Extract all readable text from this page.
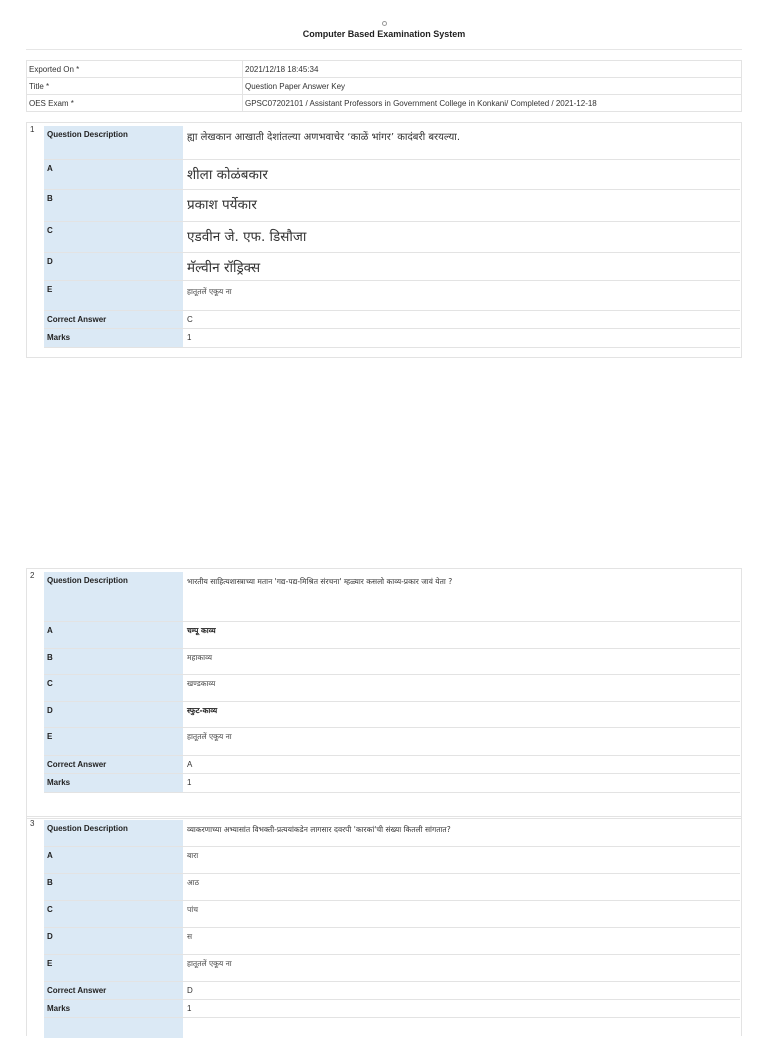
Computer Based Examination System
Exported On *	2021/12/18 18:45:34
Title *	Question Paper Answer Key
OES Exam *	GPSC07202101 / Assistant Professors in Government College in Konkani/ Completed / 2021-12-18
1
Question Description	ह्या लेखकान आखाती देशांतल्या अणभवाचेर ‘काळें भांगर’ कादंबरी बरयल्या.
A	शीला कोळंबकार
B	प्रकाश पर्येकार
C	एडवीन जे. एफ. डिसौजा
D	मॅल्वीन रॉड्रिक्स
E	हातूतलें एकूय ना
Correct Answer	C
Marks	1
2
Question Description	भारतीय साहित्यशास्त्राच्या मतान 'गद्य-पद्य-मिश्रित संरचना' म्हळ्यार कसलो काव्य-प्रकार जावं येता ?
A	चम्पू काव्य
B	महाकाव्य
C	खण्डकाव्य
D	स्फुट-काव्य
E	हातूतलें एकूय ना
Correct Answer	A
Marks	1
3
Question Description	व्याकरणाच्या अभ्यासांत विभक्ती-प्रत्ययांकडेन लागसार दवरपी 'कारकां'ची संख्या कितली सांगतात?
A	बारा
B	आठ
C	पांच
D	स
E	हातूतलें एकूय ना
Correct Answer	D
Marks	1
